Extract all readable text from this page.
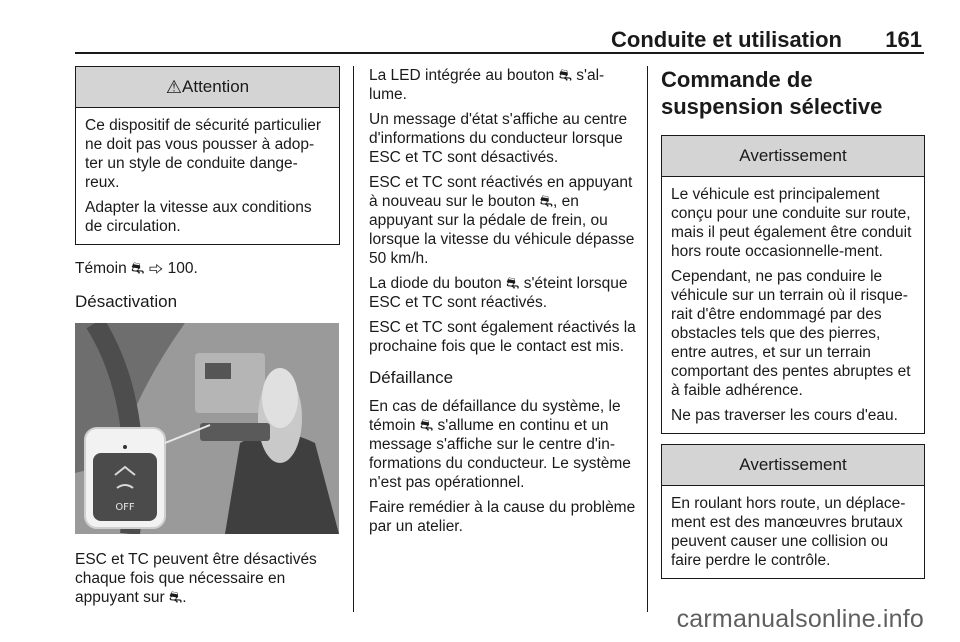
Conduite et utilisation 161
⚠Attention

Ce dispositif de sécurité particulier ne doit pas vous pousser à adop-ter un style de conduite dange-reux.

Adapter la vitesse aux conditions de circulation.

Témoin ⛐ ⇨ 100.

Désactivation
OFF

ESC et TC peuvent être désactivés chaque fois que nécessaire en appuyant sur ⛐.

La LED intégrée au bouton ⛐ s'al-lume.

Un message d'état s'affiche au centre d'informations du conducteur lorsque ESC et TC sont désactivés.

ESC et TC sont réactivés en appuyant à nouveau sur le bouton ⛐, en appuyant sur la pédale de frein, ou lorsque la vitesse du véhicule dépasse 50 km/h.

La diode du bouton ⛐ s'éteint lorsque ESC et TC sont réactivés.

ESC et TC sont également réactivés la prochaine fois que le contact est mis.

Défaillance

En cas de défaillance du système, le témoin ⛐ s'allume en continu et un message s'affiche sur le centre d'in-formations du conducteur. Le système n'est pas opérationnel.

Faire remédier à la cause du problème par un atelier.

Commande de suspension sélective
Avertissement

Le véhicule est principalement conçu pour une conduite sur route, mais il peut également être conduit hors route occasionnelle-ment.

Cependant, ne pas conduire le véhicule sur un terrain où il risque-rait d'être endommagé par des obstacles tels que des pierres, entre autres, et sur un terrain comportant des pentes abruptes et à faible adhérence.

Ne pas traverser les cours d'eau.

Avertissement

En roulant hors route, un déplace-ment est des manœuvres brutaux peuvent causer une collision ou faire perdre le contrôle.

carmanualsonline.info
